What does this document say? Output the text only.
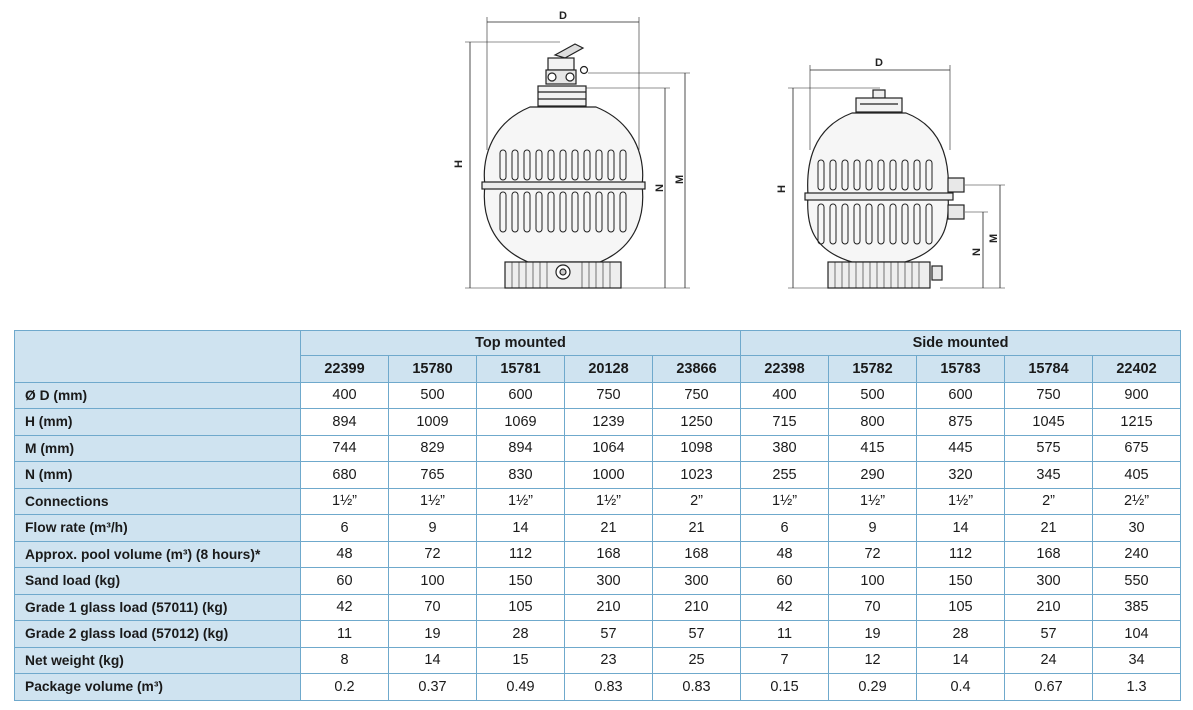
D
H
N
M
D
H
N
M
	Top mounted					Side mounted				
	22399	15780	15781	20128	23866	22398	15782	15783	15784	22402
Ø D (mm)	400	500	600	750	750	400	500	600	750	900
H (mm)	894	1009	1069	1239	1250	715	800	875	1045	1215
M (mm)	744	829	894	1064	1098	380	415	445	575	675
N (mm)	680	765	830	1000	1023	255	290	320	345	405
Connections	1½”	1½”	1½”	1½”	2”	1½”	1½”	1½”	2”	2½”
Flow rate (m³/h)	6	9	14	21	21	6	9	14	21	30
Approx. pool volume (m³) (8 hours)*	48	72	112	168	168	48	72	112	168	240
Sand load (kg)	60	100	150	300	300	60	100	150	300	550
Grade 1 glass load (57011) (kg)	42	70	105	210	210	42	70	105	210	385
Grade 2 glass load (57012) (kg)	11	19	28	57	57	11	19	28	57	104
Net weight (kg)	8	14	15	23	25	7	12	14	24	34
Package volume (m³)	0.2	0.37	0.49	0.83	0.83	0.15	0.29	0.4	0.67	1.3
